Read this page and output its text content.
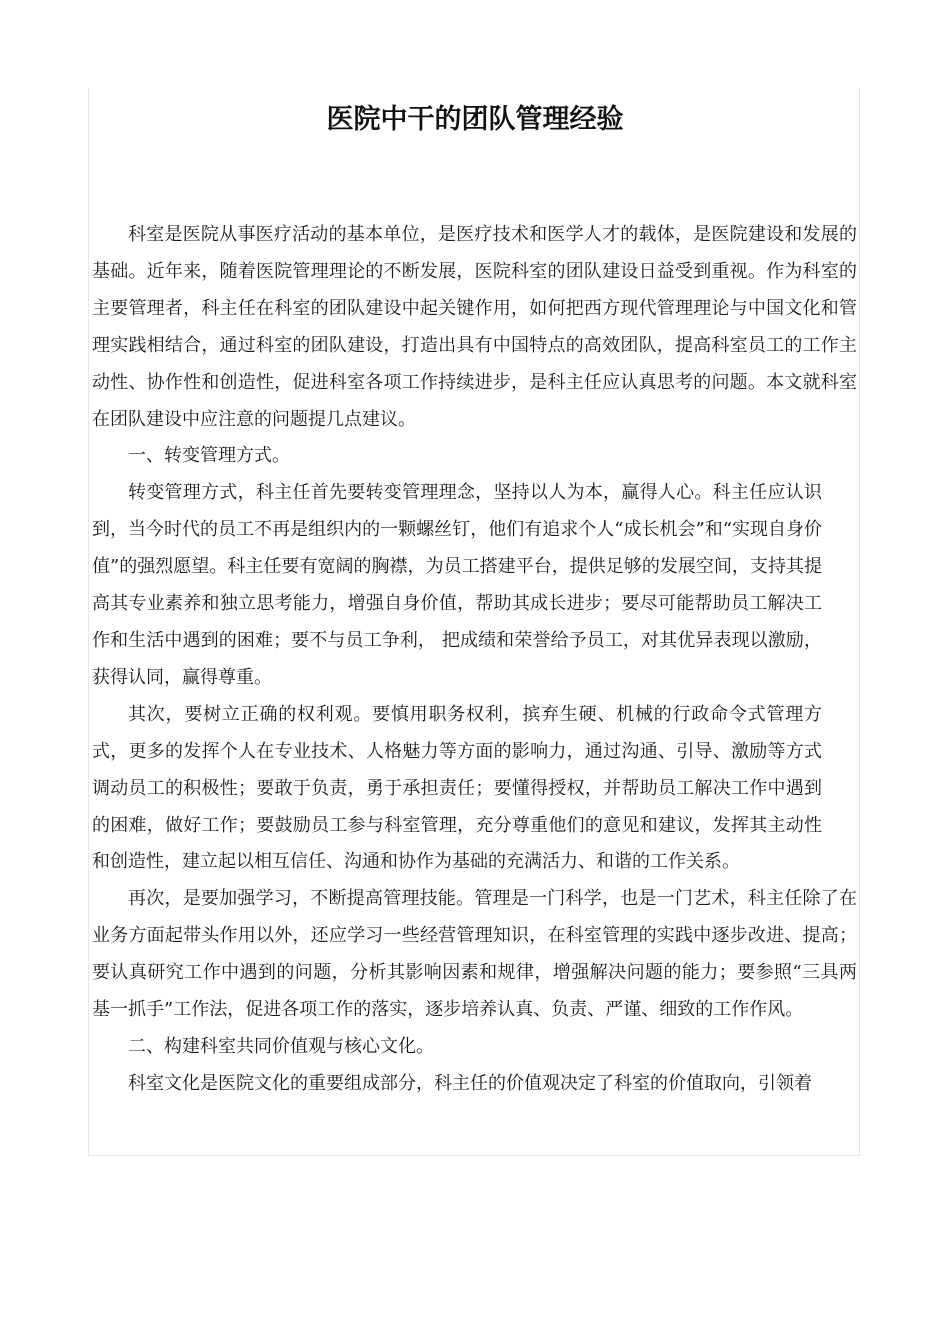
医院中干的团队管理经验

科室是医院从事医疗活动的基本单位，是医疗技术和医学人才的载体，是医院建设和发展的基础。近年来，随着医院管理理论的不断发展，医院科室的团队建设日益受到重视。作为科室的主要管理者，科主任在科室的团队建设中起关键作用，如何把西方现代管理理论与中国文化和管理实践相结合，通过科室的团队建设，打造出具有中国特点的高效团队，提高科室员工的工作主动性、协作性和创造性，促进科室各项工作持续进步，是科主任应认真思考的问题。本文就科室在团队建设中应注意的问题提几点建议。

一、转变管理方式。

转变管理方式，科主任首先要转变管理理念，坚持以人为本，赢得人心。科主任应认识到，当今时代的员工不再是组织内的一颗螺丝钉，他们有追求个人“成长机会”和“实现自身价值”的强烈愿望。科主任要有宽阔的胸襟，为员工搭建平台，提供足够的发展空间，支持其提高其专业素养和独立思考能力，增强自身价值，帮助其成长进步；要尽可能帮助员工解决工作和生活中遇到的困难；要不与员工争利， 把成绩和荣誉给予员工，对其优异表现以激励，获得认同，赢得尊重。

其次，要树立正确的权利观。要慎用职务权利，摈弃生硬、机械的行政命令式管理方式，更多的发挥个人在专业技术、人格魅力等方面的影响力，通过沟通、引导、激励等方式调动员工的积极性；要敢于负责，勇于承担责任；要懂得授权，并帮助员工解决工作中遇到的困难，做好工作；要鼓励员工参与科室管理，充分尊重他们的意见和建议，发挥其主动性和创造性，建立起以相互信任、沟通和协作为基础的充满活力、和谐的工作关系。

再次，是要加强学习，不断提高管理技能。管理是一门科学，也是一门艺术，科主任除了在业务方面起带头作用以外，还应学习一些经营管理知识，在科室管理的实践中逐步改进、提高；要认真研究工作中遇到的问题，分析其影响因素和规律，增强解决问题的能力；要参照“三具两基一抓手”工作法，促进各项工作的落实，逐步培养认真、负责、严谨、细致的工作作风。

二、构建科室共同价值观与核心文化。

科室文化是医院文化的重要组成部分，科主任的价值观决定了科室的价值取向，引领着
